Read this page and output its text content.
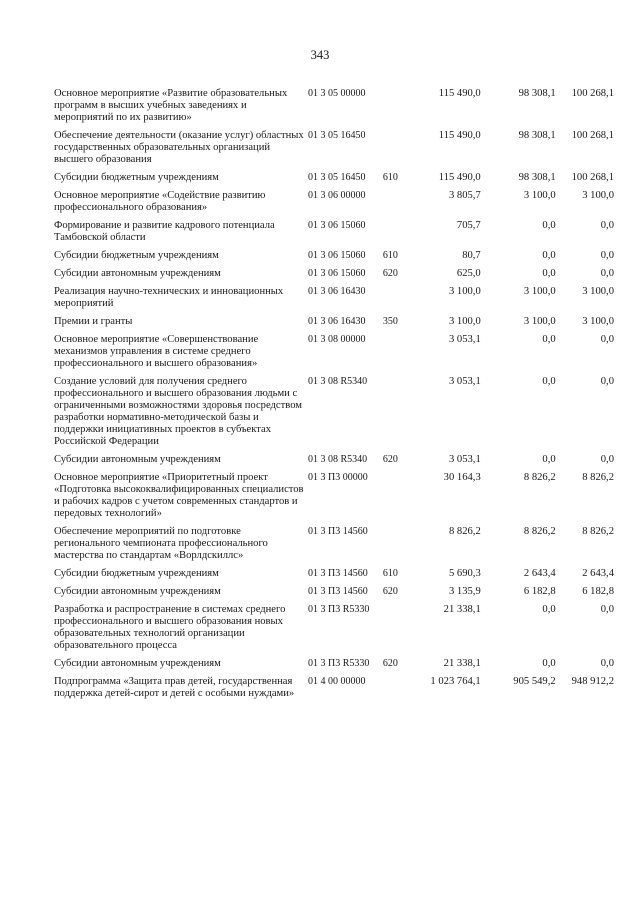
343
Основное мероприятие «Развитие образовательных программ в высших учебных заведениях и мероприятий по их развитию»	01 3 05 00000		115 490,0	98 308,1	100 268,1
Обеспечение деятельности (оказание услуг) областных государственных образовательных организаций высшего образования	01 3 05 16450		115 490,0	98 308,1	100 268,1
Субсидии бюджетным учреждениям	01 3 05 16450	610	115 490,0	98 308,1	100 268,1
Основное мероприятие «Содействие развитию профессионального образования»	01 3 06 00000		3 805,7	3 100,0	3 100,0
Формирование и развитие кадрового потенциала Тамбовской области	01 3 06 15060		705,7	0,0	0,0
Субсидии бюджетным учреждениям	01 3 06 15060	610	80,7	0,0	0,0
Субсидии автономным учреждениям	01 3 06 15060	620	625,0	0,0	0,0
Реализация научно-технических и инновационных мероприятий	01 3 06 16430		3 100,0	3 100,0	3 100,0
Премии и гранты	01 3 06 16430	350	3 100,0	3 100,0	3 100,0
Основное мероприятие «Совершенствование механизмов управления в системе среднего профессионального и высшего образования»	01 3 08 00000		3 053,1	0,0	0,0
Создание условий для получения среднего профессионального и высшего образования людьми с ограниченными возможностями здоровья посредством разработки нормативно-методической базы и поддержки инициативных проектов в субъектах Российской Федерации	01 3 08 R5340		3 053,1	0,0	0,0
Субсидии автономным учреждениям	01 3 08 R5340	620	3 053,1	0,0	0,0
Основное мероприятие «Приоритетный проект «Подготовка высококвалифицированных специалистов и рабочих кадров с учетом современных стандартов и передовых технологий»	01 3 П3 00000		30 164,3	8 826,2	8 826,2
Обеспечение мероприятий по подготовке регионального чемпионата профессионального мастерства по стандартам «Ворлдскиллс»	01 3 П3 14560		8 826,2	8 826,2	8 826,2
Субсидии бюджетным учреждениям	01 3 П3 14560	610	5 690,3	2 643,4	2 643,4
Субсидии автономным учреждениям	01 3 П3 14560	620	3 135,9	6 182,8	6 182,8
Разработка и распространение в системах среднего профессионального и высшего образования новых образовательных технологий организации образовательного процесса	01 3 П3 R5330		21 338,1	0,0	0,0
Субсидии автономным учреждениям	01 3 П3 R5330	620	21 338,1	0,0	0,0
Подпрограмма «Защита прав детей, государственная поддержка детей-сирот и детей с особыми нуждами»	01 4 00 00000		1 023 764,1	905 549,2	948 912,2
